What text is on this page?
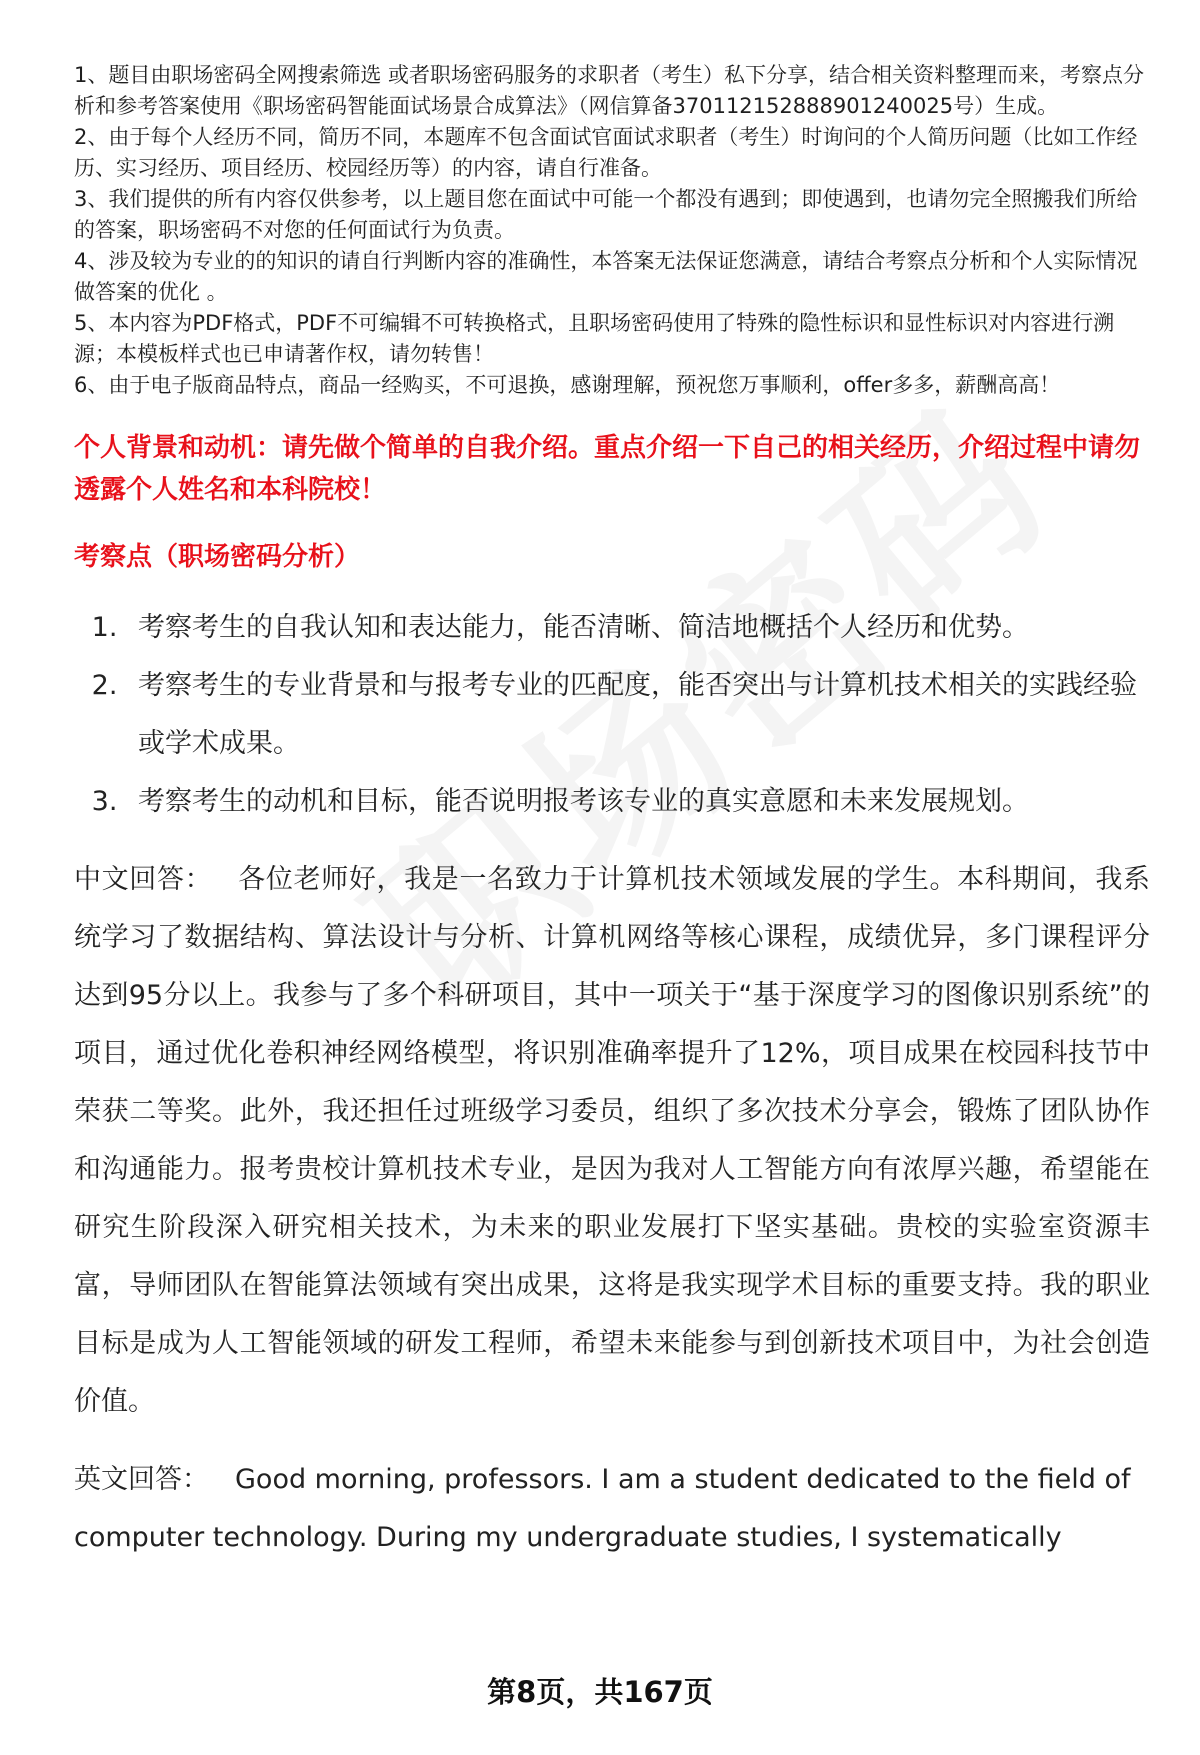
1、题目由职场密码全网搜索筛选 或者职场密码服务的求职者（考生）私下分享，结合相关资料整理而来，考察点分析和参考答案使用《职场密码智能面试场景合成算法》（网信算备370112152888901240025号）生成。

2、由于每个人经历不同，简历不同，本题库不包含面试官面试求职者（考生）时询问的个人简历问题（比如工作经历、实习经历、项目经历、校园经历等）的内容，请自行准备。

3、我们提供的所有内容仅供参考，以上题目您在面试中可能一个都没有遇到；即使遇到，也请勿完全照搬我们所给的答案，职场密码不对您的任何面试行为负责。

4、涉及较为专业的的知识的请自行判断内容的准确性，本答案无法保证您满意，请结合考察点分析和个人实际情况做答案的优化 。

5、本内容为PDF格式，PDF不可编辑不可转换格式，且职场密码使用了特殊的隐性标识和显性标识对内容进行溯源；本模板样式也已申请著作权，请勿转售！

6、由于电子版商品特点，商品一经购买，不可退换，感谢理解，预祝您万事顺利，offer多多，薪酬高高！

个人背景和动机：请先做个简单的自我介绍。重点介绍一下自己的相关经历，介绍过程中请勿透露个人姓名和本科院校！
考察点（职场密码分析）
1. 考察考生的自我认知和表达能力，能否清晰、简洁地概括个人经历和优势。
2. 考察考生的专业背景和与报考专业的匹配度，能否突出与计算机技术相关的实践经验或学术成果。
3. 考察考生的动机和目标，能否说明报考该专业的真实意愿和未来发展规划。

中文回答： 各位老师好，我是一名致力于计算机技术领域发展的学生。本科期间，我系统学习了数据结构、算法设计与分析、计算机网络等核心课程，成绩优异，多门课程评分达到95分以上。我参与了多个科研项目，其中一项关于“基于深度学习的图像识别系统”的项目，通过优化卷积神经网络模型，将识别准确率提升了12%，项目成果在校园科技节中荣获二等奖。此外，我还担任过班级学习委员，组织了多次技术分享会，锻炼了团队协作和沟通能力。报考贵校计算机技术专业，是因为我对人工智能方向有浓厚兴趣，希望能在研究生阶段深入研究相关技术，为未来的职业发展打下坚实基础。贵校的实验室资源丰富，导师团队在智能算法领域有突出成果，这将是我实现学术目标的重要支持。我的职业目标是成为人工智能领域的研发工程师，希望未来能参与到创新技术项目中，为社会创造价值。

英文回答： Good morning, professors. I am a student dedicated to the field of computer technology. During my undergraduate studies, I systematically

第8页，共167页
